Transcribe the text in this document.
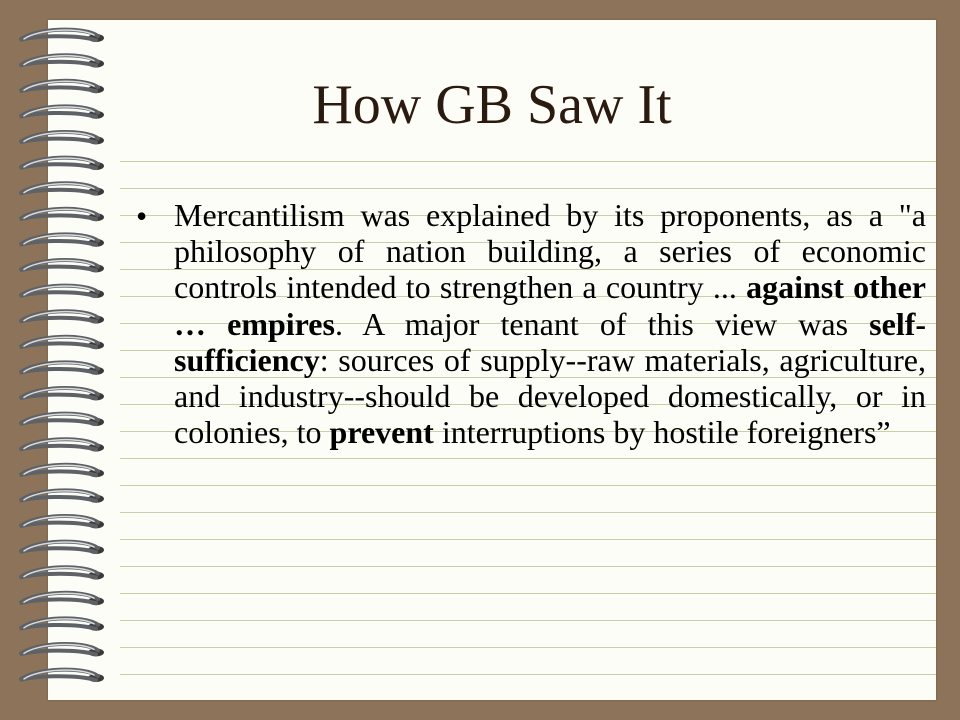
How GB Saw It
• Mercantilism was explained by its proponents, as a "a philosophy of nation building, a series of economic controls intended to strengthen a country ... against other … empires. A major tenant of this view was self-sufficiency: sources of supply--raw materials, agriculture, and industry--should be developed domestically, or in colonies, to prevent interruptions by hostile foreigners”
